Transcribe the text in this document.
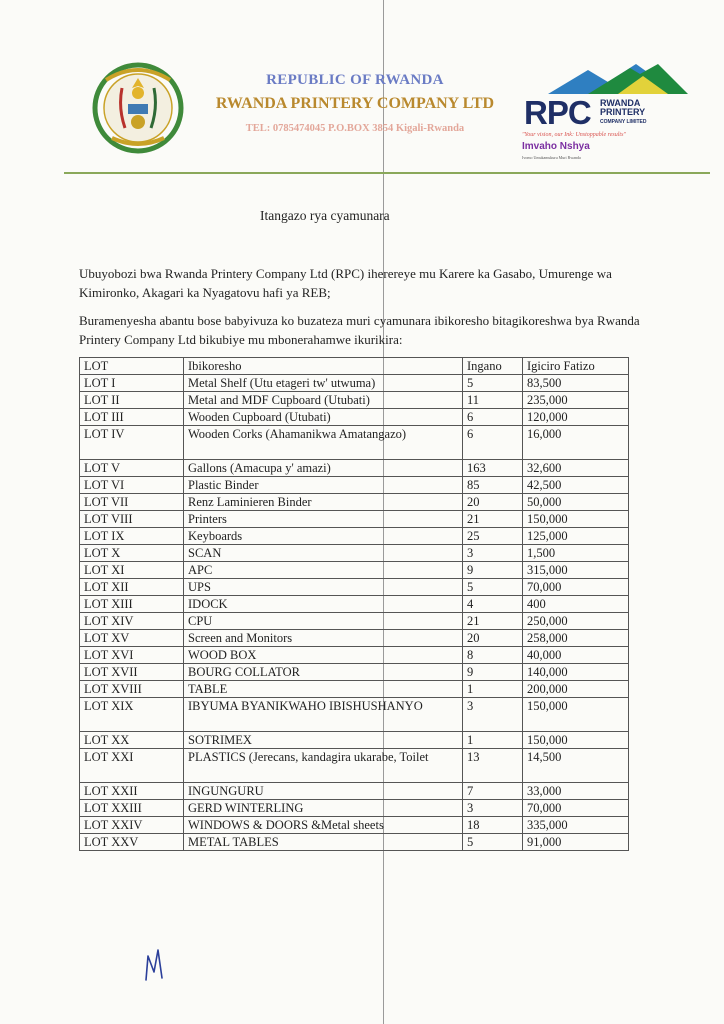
REPUBLIC OF RWANDA
RWANDA PRINTERY COMPANY LTD
TEL: 0785474045 P.O.BOX 3854 Kigali-Rwanda	RPC RWANDA
PRINTERY
COMPANY LIMITED
"Your vision, our Ink: Unstoppable results"
Imvaho Nshya
Ivomo Umukamukuru Muri Rwanda
Itangazo rya cyamunara
Ubuyobozi bwa Rwanda Printery Company Ltd (RPC) iherereye mu Karere ka Gasabo, Umurenge wa Kimironko, Akagari ka Nyagatovu hafi ya REB;
Buramenyesha abantu bose babyivuza ko buzateza muri cyamunara ibikoresho bitagikoreshwa bya Rwanda Printery Company Ltd bikubiye mu mbonerahamwe ikurikira:
LOT	Ibikoresho	Ingano	Igiciro Fatizo
LOT I	Metal Shelf (Utu etageri tw' utwuma)	5	83,500
LOT II	Metal and MDF Cupboard (Utubati)	11	235,000
LOT III	Wooden Cupboard (Utubati)	6	120,000
LOT IV	Wooden Corks (Ahamanikwa Amatangazo)	6	16,000
LOT V	Gallons (Amacupa y' amazi)	163	32,600
LOT VI	Plastic Binder	85	42,500
LOT VII	Renz Laminieren Binder	20	50,000
LOT VIII	Printers	21	150,000
LOT IX	Keyboards	25	125,000
LOT X	SCAN	3	1,500
LOT XI	APC	9	315,000
LOT XII	UPS	5	70,000
LOT XIII	IDOCK	4	400
LOT XIV	CPU	21	250,000
LOT XV	Screen and Monitors	20	258,000
LOT XVI	WOOD BOX	8	40,000
LOT XVII	BOURG COLLATOR	9	140,000
LOT XVIII	TABLE	1	200,000
LOT XIX	IBYUMA BYANIKWAHO IBISHUSHANYO	3	150,000
LOT XX	SOTRIMEX	1	150,000
LOT XXI	PLASTICS (Jerecans, kandagira ukarabe, Toilet	13	14,500
LOT XXII	INGUNGURU	7	33,000
LOT XXIII	GERD WINTERLING	3	70,000
LOT XXIV	WINDOWS & DOORS &Metal sheets	18	335,000
LOT XXV	METAL TABLES	5	91,000
